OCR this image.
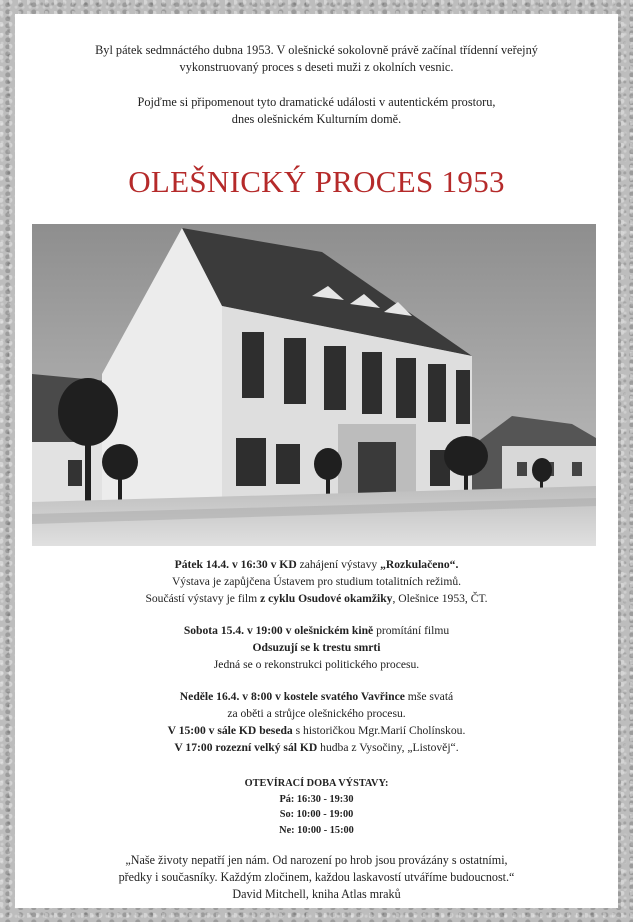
Byl pátek sedmnáctého dubna 1953. V olešnické sokolovně právě začínal třídenní veřejný
vykonstruovaný proces s deseti muži z okolních vesnic.

Pojďme si připomenout tyto dramatické události v autentickém prostoru,
dnes olešnickém Kulturním domě.

OLEŠNICKÝ PROCES 1953

Pátek 14.4. v 16:30 v KD zahájení výstavy „Rozkulačeno“.

Výstava je zapůjčena Ústavem pro studium totalitních režimů.

Součástí výstavy je film z cyklu Osudové okamžiky, Olešnice 1953, ČT.

Sobota 15.4. v 19:00 v olešnickém kině promítání filmu

Odsuzují se k trestu smrti

Jedná se o rekonstrukci politického procesu.

Neděle 16.4. v 8:00 v kostele svatého Vavřince mše svatá

za oběti a strůjce olešnického procesu.

V 15:00 v sále KD beseda s historičkou Mgr.Marií Cholínskou.

V 17:00 rozezní velký sál KD hudba z Vysočiny, „Listověj“.

OTEVÍRACÍ DOBA VÝSTAVY:

Pá: 16:30 - 19:30

So: 10:00 - 19:00

Ne: 10:00 - 15:00

„Naše životy nepatří jen nám. Od narození po hrob jsou provázány s ostatními,

předky i současníky. Každým zločinem, každou laskavostí utváříme budoucnost.“

David Mitchell, kniha Atlas mraků
